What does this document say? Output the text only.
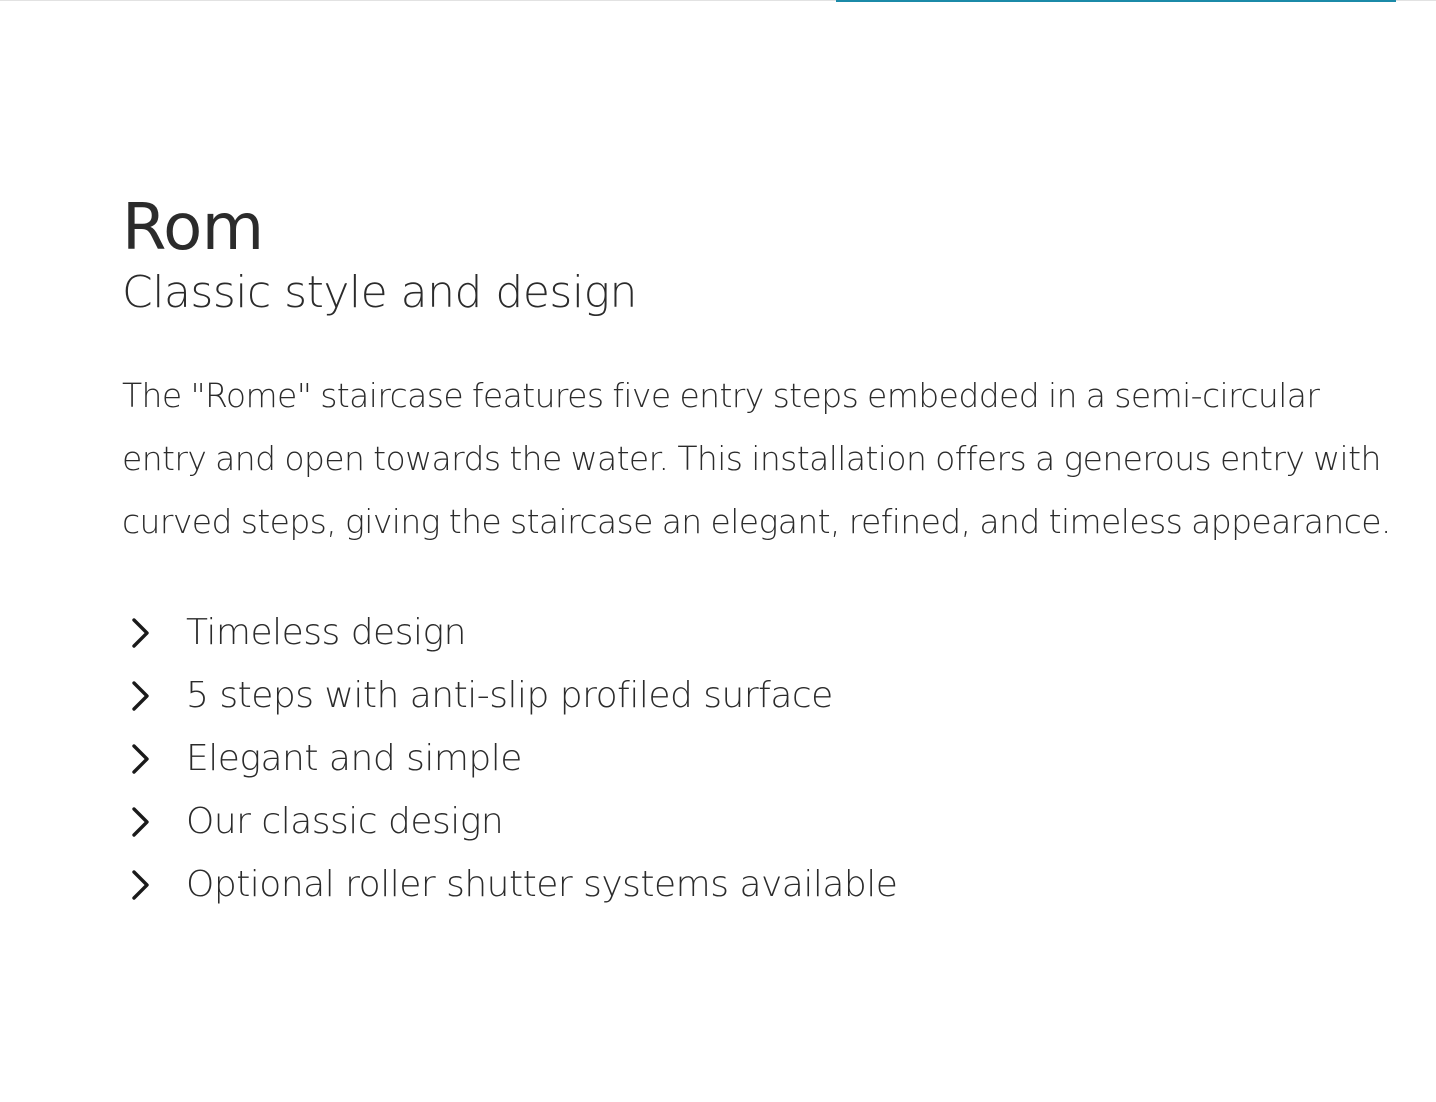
Rom
Classic style and design

The "Rome" staircase features five entry steps embedded in a semi-circular entry and open towards the water. This installation offers a generous entry with curved steps, giving the staircase an elegant, refined, and timeless appearance.

Timeless design
5 steps with anti-slip profiled surface
Elegant and simple
Our classic design
Optional roller shutter systems available
